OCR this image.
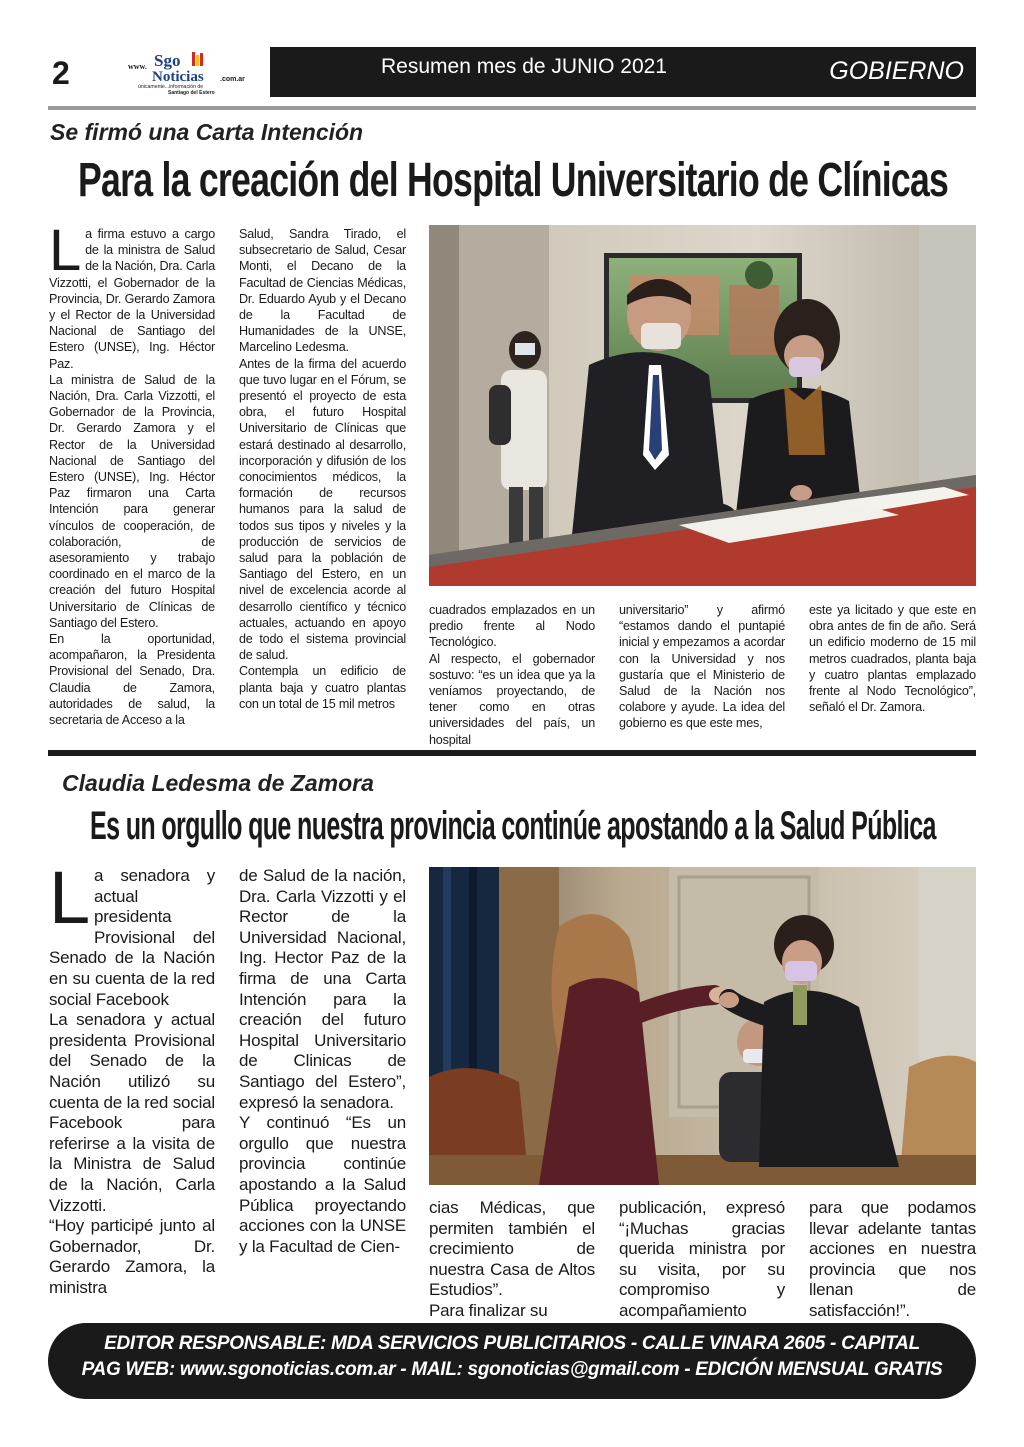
2	www. Sgo
Noticias .com.ar
únicamente...información de
Santiago del Estero
Resumen mes de JUNIO 2021	GOBIERNO
Se firmó una Carta Intención
Para la creación del Hospital Universitario de Clínicas
L a firma estuvo a cargo de la ministra de Salud de la Nación, Dra. Carla Vizzotti, el Gobernador de la Provincia, Dr. Gerardo Zamora y el Rector de la Universidad Nacional de Santiago del Estero (UNSE), Ing. Héctor Paz.

La ministra de Salud de la Nación, Dra. Carla Vizzotti, el Gobernador de la Provincia, Dr. Gerardo Zamora y el Rector de la Universidad Nacional de Santiago del Estero (UNSE), Ing. Héctor Paz firmaron una Carta Intención para generar vínculos de cooperación, de colaboración, de asesoramiento y trabajo coordinado en el marco de la creación del futuro Hospital Universitario de Clínicas de Santiago del Estero.

En la oportunidad, acompañaron, la Presidenta Provisional del Senado, Dra. Claudia de Zamora, autoridades de salud, la secretaria de Acceso a la

Salud, Sandra Tirado, el subsecretario de Salud, Cesar Monti, el Decano de la Facultad de Ciencias Médicas, Dr. Eduardo Ayub y el Decano de la Facultad de Humanidades de la UNSE, Marcelino Ledesma.

Antes de la firma del acuerdo que tuvo lugar en el Fórum, se presentó el proyecto de esta obra, el futuro Hospital Universitario de Clínicas que estará destinado al desarrollo, incorporación y difusión de los conocimientos médicos, la formación de recursos humanos para la salud de todos sus tipos y niveles y la producción de servicios de salud para la población de Santiago del Estero, en un nivel de excelencia acorde al desarrollo científico y técnico actuales, actuando en apoyo de todo el sistema provincial de salud.

Contempla un edificio de planta baja y cuatro plantas con un total de 15 mil metros

cuadrados emplazados en un predio frente al Nodo Tecnológico.

Al respecto, el gobernador sostuvo: “es un idea que ya la veníamos proyectando, de tener como en otras universidades del país, un hospital

universitario” y afirmó “estamos dando el puntapié inicial y empezamos a acordar con la Universidad y nos gustaría que el Ministerio de Salud de la Nación nos colabore y ayude. La idea del gobierno es que este mes,

este ya licitado y que este en obra antes de fin de año. Será un edificio moderno de 15 mil metros cuadrados, planta baja y cuatro plantas emplazado frente al Nodo Tecnológico”, señaló el Dr. Zamora.

Claudia Ledesma de Zamora
Es un orgullo que nuestra provincia continúe apostando a la Salud Pública
L a senadora y actual presidenta Provisional del Senado de la Nación en su cuenta de la red social Facebook

La senadora y actual presidenta Provisional del Senado de la Nación utilizó su cuenta de la red social Facebook para referirse a la visita de la Ministra de Salud de la Nación, Carla Vizzotti.

“Hoy participé junto al Gobernador, Dr. Gerardo Zamora, la ministra

de Salud de la nación, Dra. Carla Vizzotti y el Rector de la Universidad Nacional, Ing. Hector Paz de la firma de una Carta Intención para la creación del futuro Hospital Universitario de Clinicas de Santiago del Estero”, expresó la senadora.

Y continuó “Es un orgullo que nuestra provincia continúe apostando a la Salud Pública proyectando acciones con la UNSE y la Facultad de Cien-

cias Médicas, que permiten también el crecimiento de nuestra Casa de Altos Estudios”.

Para finalizar su

publicación, expresó “¡Muchas gracias querida ministra por su visita, por su compromiso y acompañamiento

para que podamos llevar adelante tantas acciones en nuestra provincia que nos llenan de satisfacción!”.

EDITOR RESPONSABLE: MDA SERVICIOS PUBLICITARIOS - CALLE VINARA 2605 - CAPITAL
PAG WEB: www.sgonoticias.com.ar - MAIL: sgonoticias@gmail.com - EDICIÓN MENSUAL GRATIS
